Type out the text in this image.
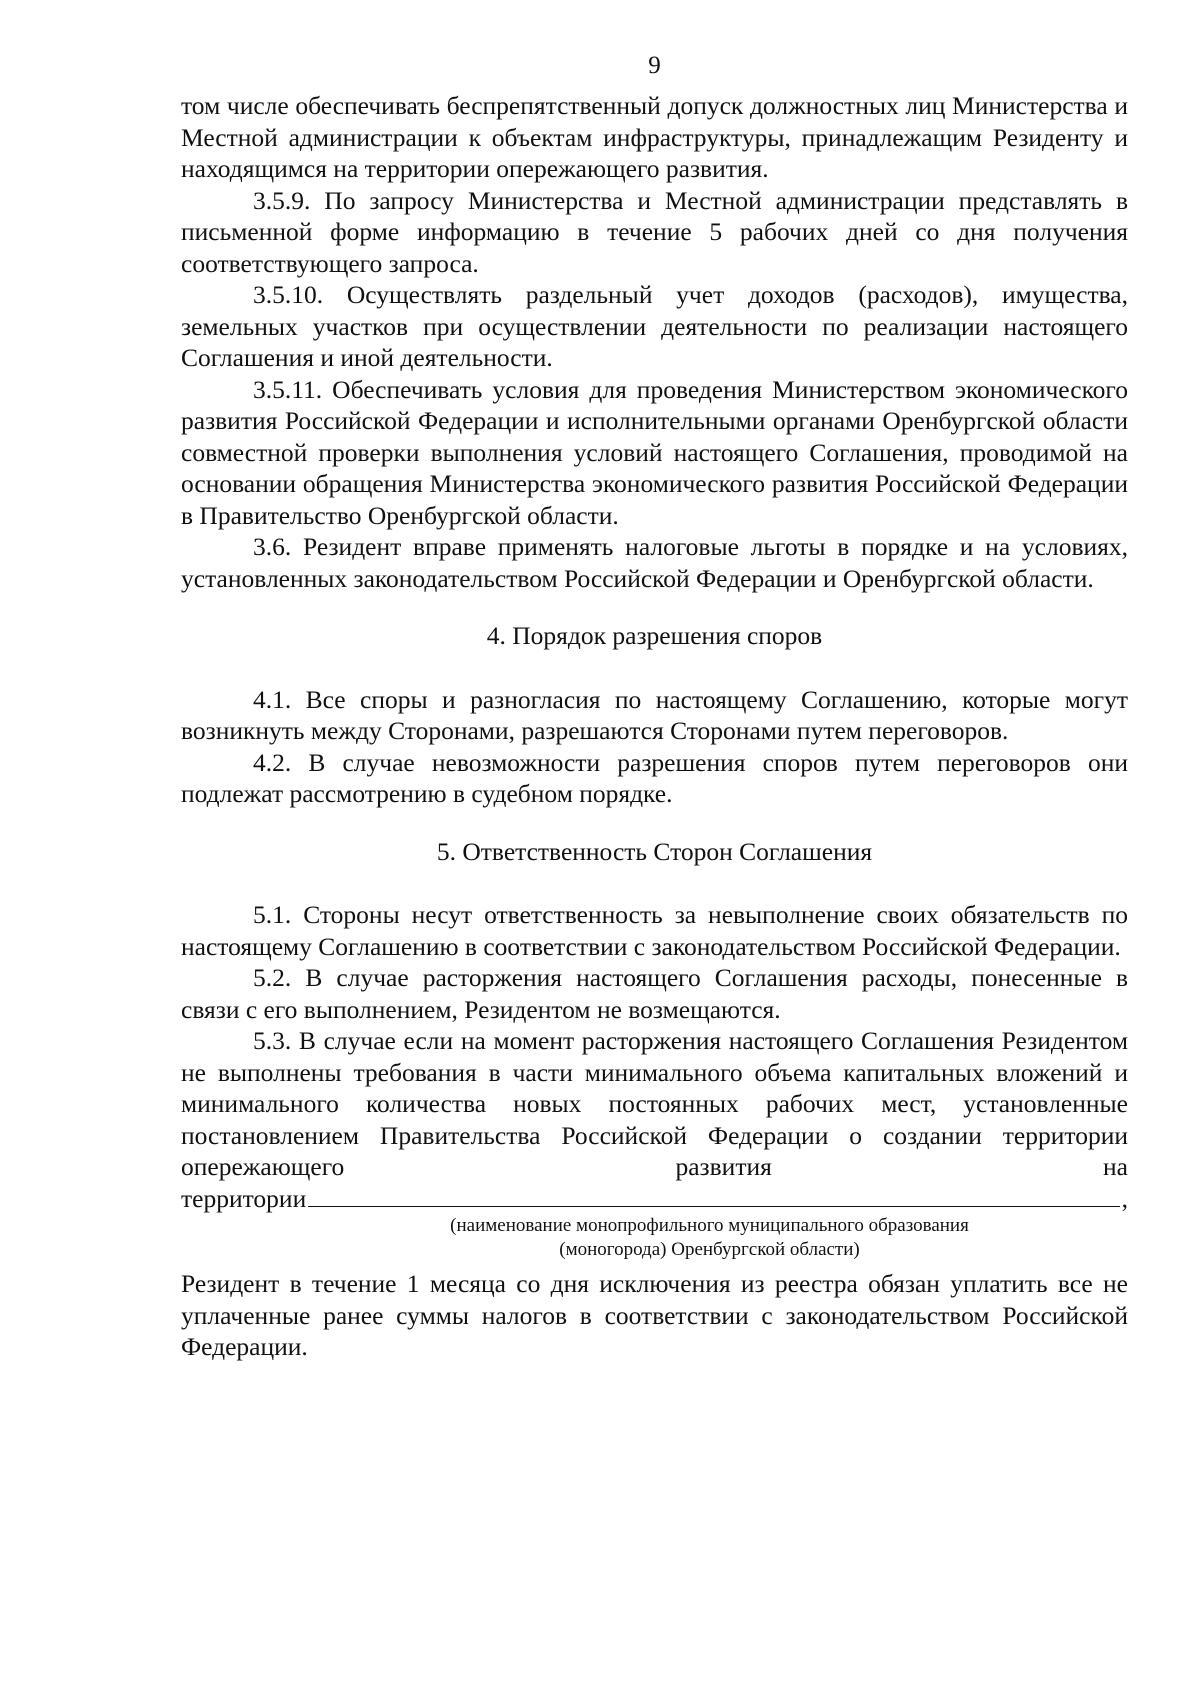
9

том числе обеспечивать беспрепятственный допуск должностных лиц Министерства и Местной администрации к объектам инфраструктуры, принадлежащим Резиденту и находящимся на территории опережающего развития.

3.5.9. По запросу Министерства и Местной администрации представлять в письменной форме информацию в течение 5 рабочих дней со дня получения соответствующего запроса.

3.5.10. Осуществлять раздельный учет доходов (расходов), имущества, земельных участков при осуществлении деятельности по реализации настоящего Соглашения и иной деятельности.

3.5.11. Обеспечивать условия для проведения Министерством экономического развития Российской Федерации и исполнительными органами Оренбургской области совместной проверки выполнения условий настоящего Соглашения, проводимой на основании обращения Министерства экономического развития Российской Федерации в Правительство Оренбургской области.

3.6. Резидент вправе применять налоговые льготы в порядке и на условиях, установленных законодательством Российской Федерации и Оренбургской области.

4. Порядок разрешения споров

4.1. Все споры и разногласия по настоящему Соглашению, которые могут возникнуть между Сторонами, разрешаются Сторонами путем переговоров.

4.2. В случае невозможности разрешения споров путем переговоров они подлежат рассмотрению в судебном порядке.

5. Ответственность Сторон Соглашения

5.1. Стороны несут ответственность за невыполнение своих обязательств по настоящему Соглашению в соответствии с законодательством Российской Федерации.

5.2. В случае расторжения настоящего Соглашения расходы, понесенные в связи с его выполнением, Резидентом не возмещаются.

5.3. В случае если на момент расторжения настоящего Соглашения Резидентом не выполнены требования в части минимального объема капитальных вложений и минимального количества новых постоянных рабочих мест, установленные постановлением Правительства Российской Федерации о создании территории опережающего развития на

территории	,
(наименование монопрофильного муниципального образования
(моногорода) Оренбургской области)

Резидент в течение 1 месяца со дня исключения из реестра обязан уплатить все не уплаченные ранее суммы налогов в соответствии с законодательством Российской Федерации.
